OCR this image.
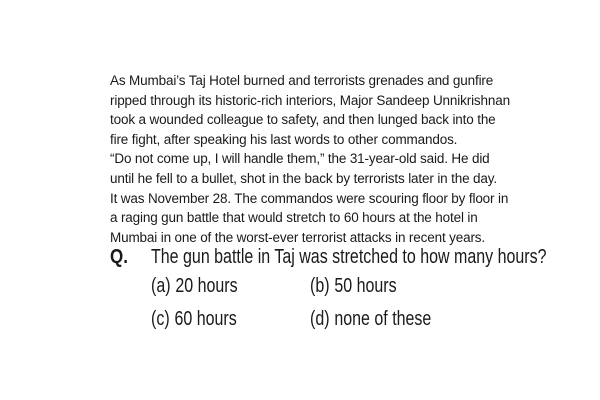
As Mumbai’s Taj Hotel burned and terrorists grenades and gunfire
ripped through its historic-rich interiors, Major Sandeep Unnikrishnan
took a wounded colleague to safety, and then lunged back into the
fire fight, after speaking his last words to other commandos.
“Do not come up, I will handle them,” the 31-year-old said. He did
until he fell to a bullet, shot in the back by terrorists later in the day.
It was November 28. The commandos were scouring floor by floor in
a raging gun battle that would stretch to 60 hours at the hotel in
Mumbai in one of the worst-ever terrorist attacks in recent years.
Q. The gun battle in Taj was stretched to how many hours?
(a) 20 hours	(b) 50 hours
(c) 60 hours	(d) none of these
